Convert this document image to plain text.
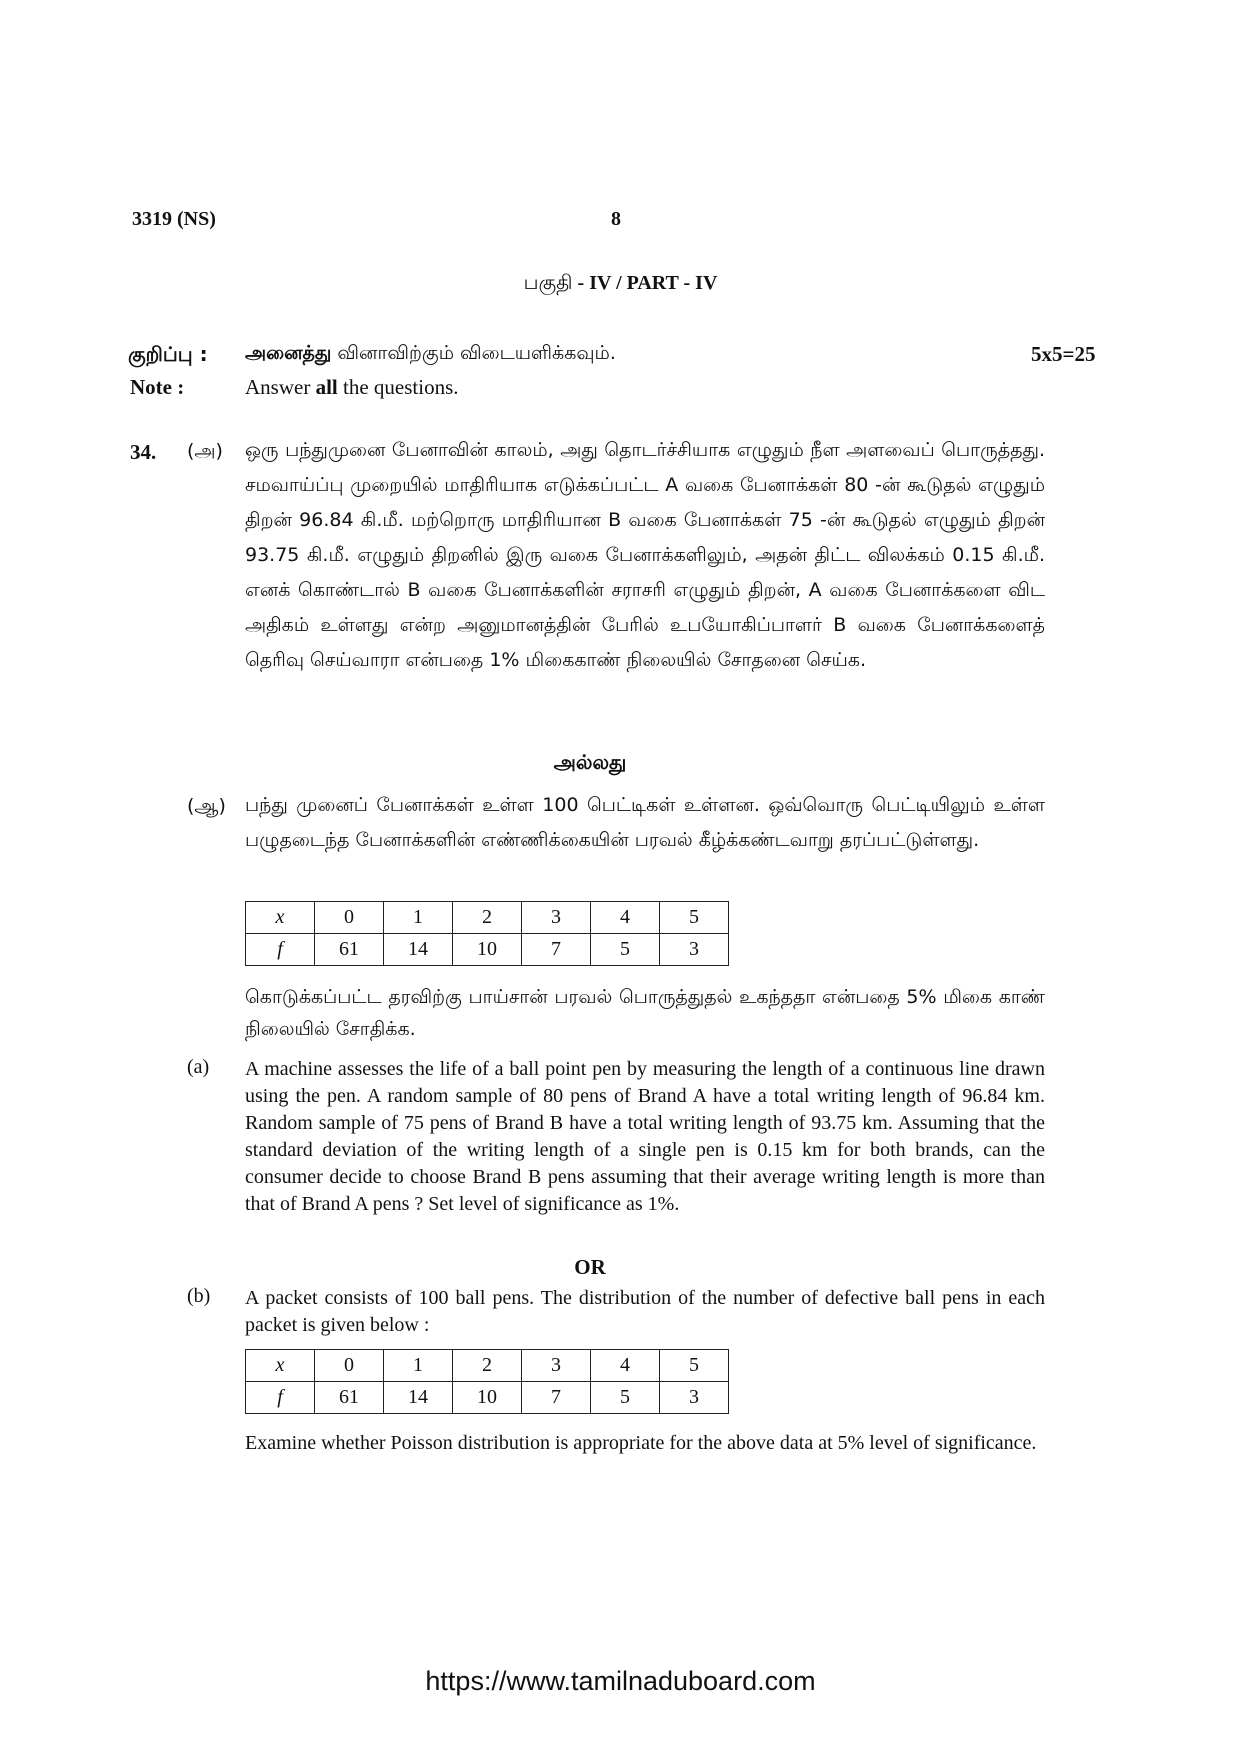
3319 (NS)	8
பகுதி - IV / PART - IV
குறிப்பு : அனைத்து வினாவிற்கும் விடையளிக்கவும்.	5x5=25
Note :	Answer all the questions.
34. (அ) ஒரு பந்துமுனை பேனாவின் காலம், அது தொடர்ச்சியாக எழுதும் நீள அளவைப் பொருத்தது. சமவாய்ப்பு முறையில் மாதிரியாக எடுக்கப்பட்ட A வகை பேனாக்கள் 80 -ன் கூடுதல் எழுதும் திறன் 96.84 கி.மீ. மற்றொரு மாதிரியான B வகை பேனாக்கள் 75 -ன் கூடுதல் எழுதும் திறன் 93.75 கி.மீ. எழுதும் திறனில் இரு வகை பேனாக்களிலும், அதன் திட்ட விலக்கம் 0.15 கி.மீ. எனக் கொண்டால் B வகை பேனாக்களின் சராசரி எழுதும் திறன், A வகை பேனாக்களை விட அதிகம் உள்ளது என்ற அனுமானத்தின் பேரில் உபயோகிப்பாளர் B வகை பேனாக்களைத் தெரிவு செய்வாரா என்பதை 1% மிகைகாண் நிலையில் சோதனை செய்க.
அல்லது
(ஆ) பந்து முனைப் பேனாக்கள் உள்ள 100 பெட்டிகள் உள்ளன. ஒவ்வொரு பெட்டியிலும் உள்ள பழுதடைந்த பேனாக்களின் எண்ணிக்கையின் பரவல் கீழ்க்கண்டவாறு தரப்பட்டுள்ளது.
x	0	1	2	3	4	5
f	61	14	10	7	5	3
கொடுக்கப்பட்ட தரவிற்கு பாய்சான் பரவல் பொருத்துதல் உகந்ததா என்பதை 5% மிகை காண் நிலையில் சோதிக்க.
(a) A machine assesses the life of a ball point pen by measuring the length of a continuous line drawn using the pen. A random sample of 80 pens of Brand A have a total writing length of 96.84 km. Random sample of 75 pens of Brand B have a total writing length of 93.75 km. Assuming that the standard deviation of the writing length of a single pen is 0.15 km for both brands, can the consumer decide to choose Brand B pens assuming that their average writing length is more than that of Brand A pens ? Set level of significance as 1%.
OR
(b) A packet consists of 100 ball pens. The distribution of the number of defective ball pens in each packet is given below :
x	0	1	2	3	4	5
f	61	14	10	7	5	3
Examine whether Poisson distribution is appropriate for the above data at 5% level of significance.
https://www.tamilnaduboard.com
